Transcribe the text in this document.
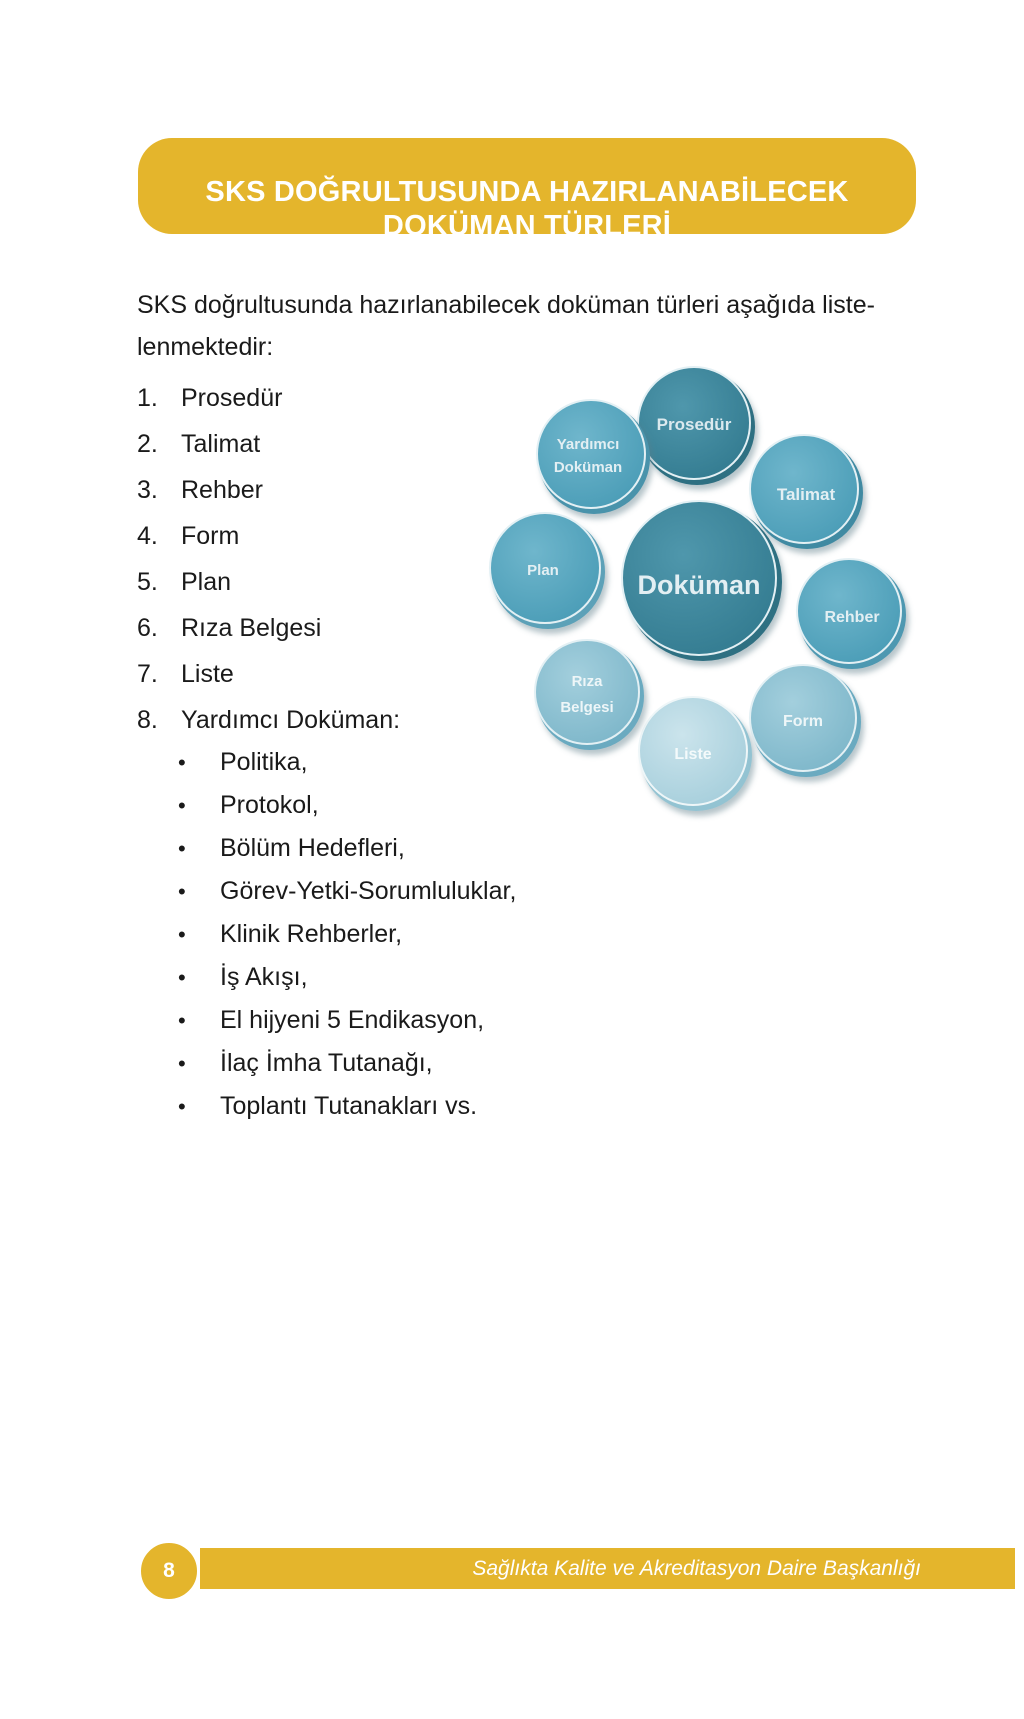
SKS DOĞRULTUSUNDA HAZIRLANABİLECEK DOKÜMAN TÜRLERİ
SKS doğrultusunda hazırlanabilecek doküman türleri aşağıda liste-
lenmektedir:
1. Prosedür
2. Talimat
3. Rehber
4. Form
5. Plan
6. Rıza Belgesi
7. Liste
8. Yardımcı Doküman:
• Politika,
• Protokol,
• Bölüm Hedefleri,
• Görev-Yetki-Sorumluluklar,
• Klinik Rehberler,
• İş Akışı,
• El hijyeni 5 Endikasyon,
• İlaç İmha Tutanağı,
• Toplantı Tutanakları vs.
Prosedür
Talimat
Rehber
Form
Liste
Rıza
Belgesi
Plan
Yardımcı
Doküman
Doküman
Sağlıkta Kalite ve Akreditasyon Daire Başkanlığı
8
